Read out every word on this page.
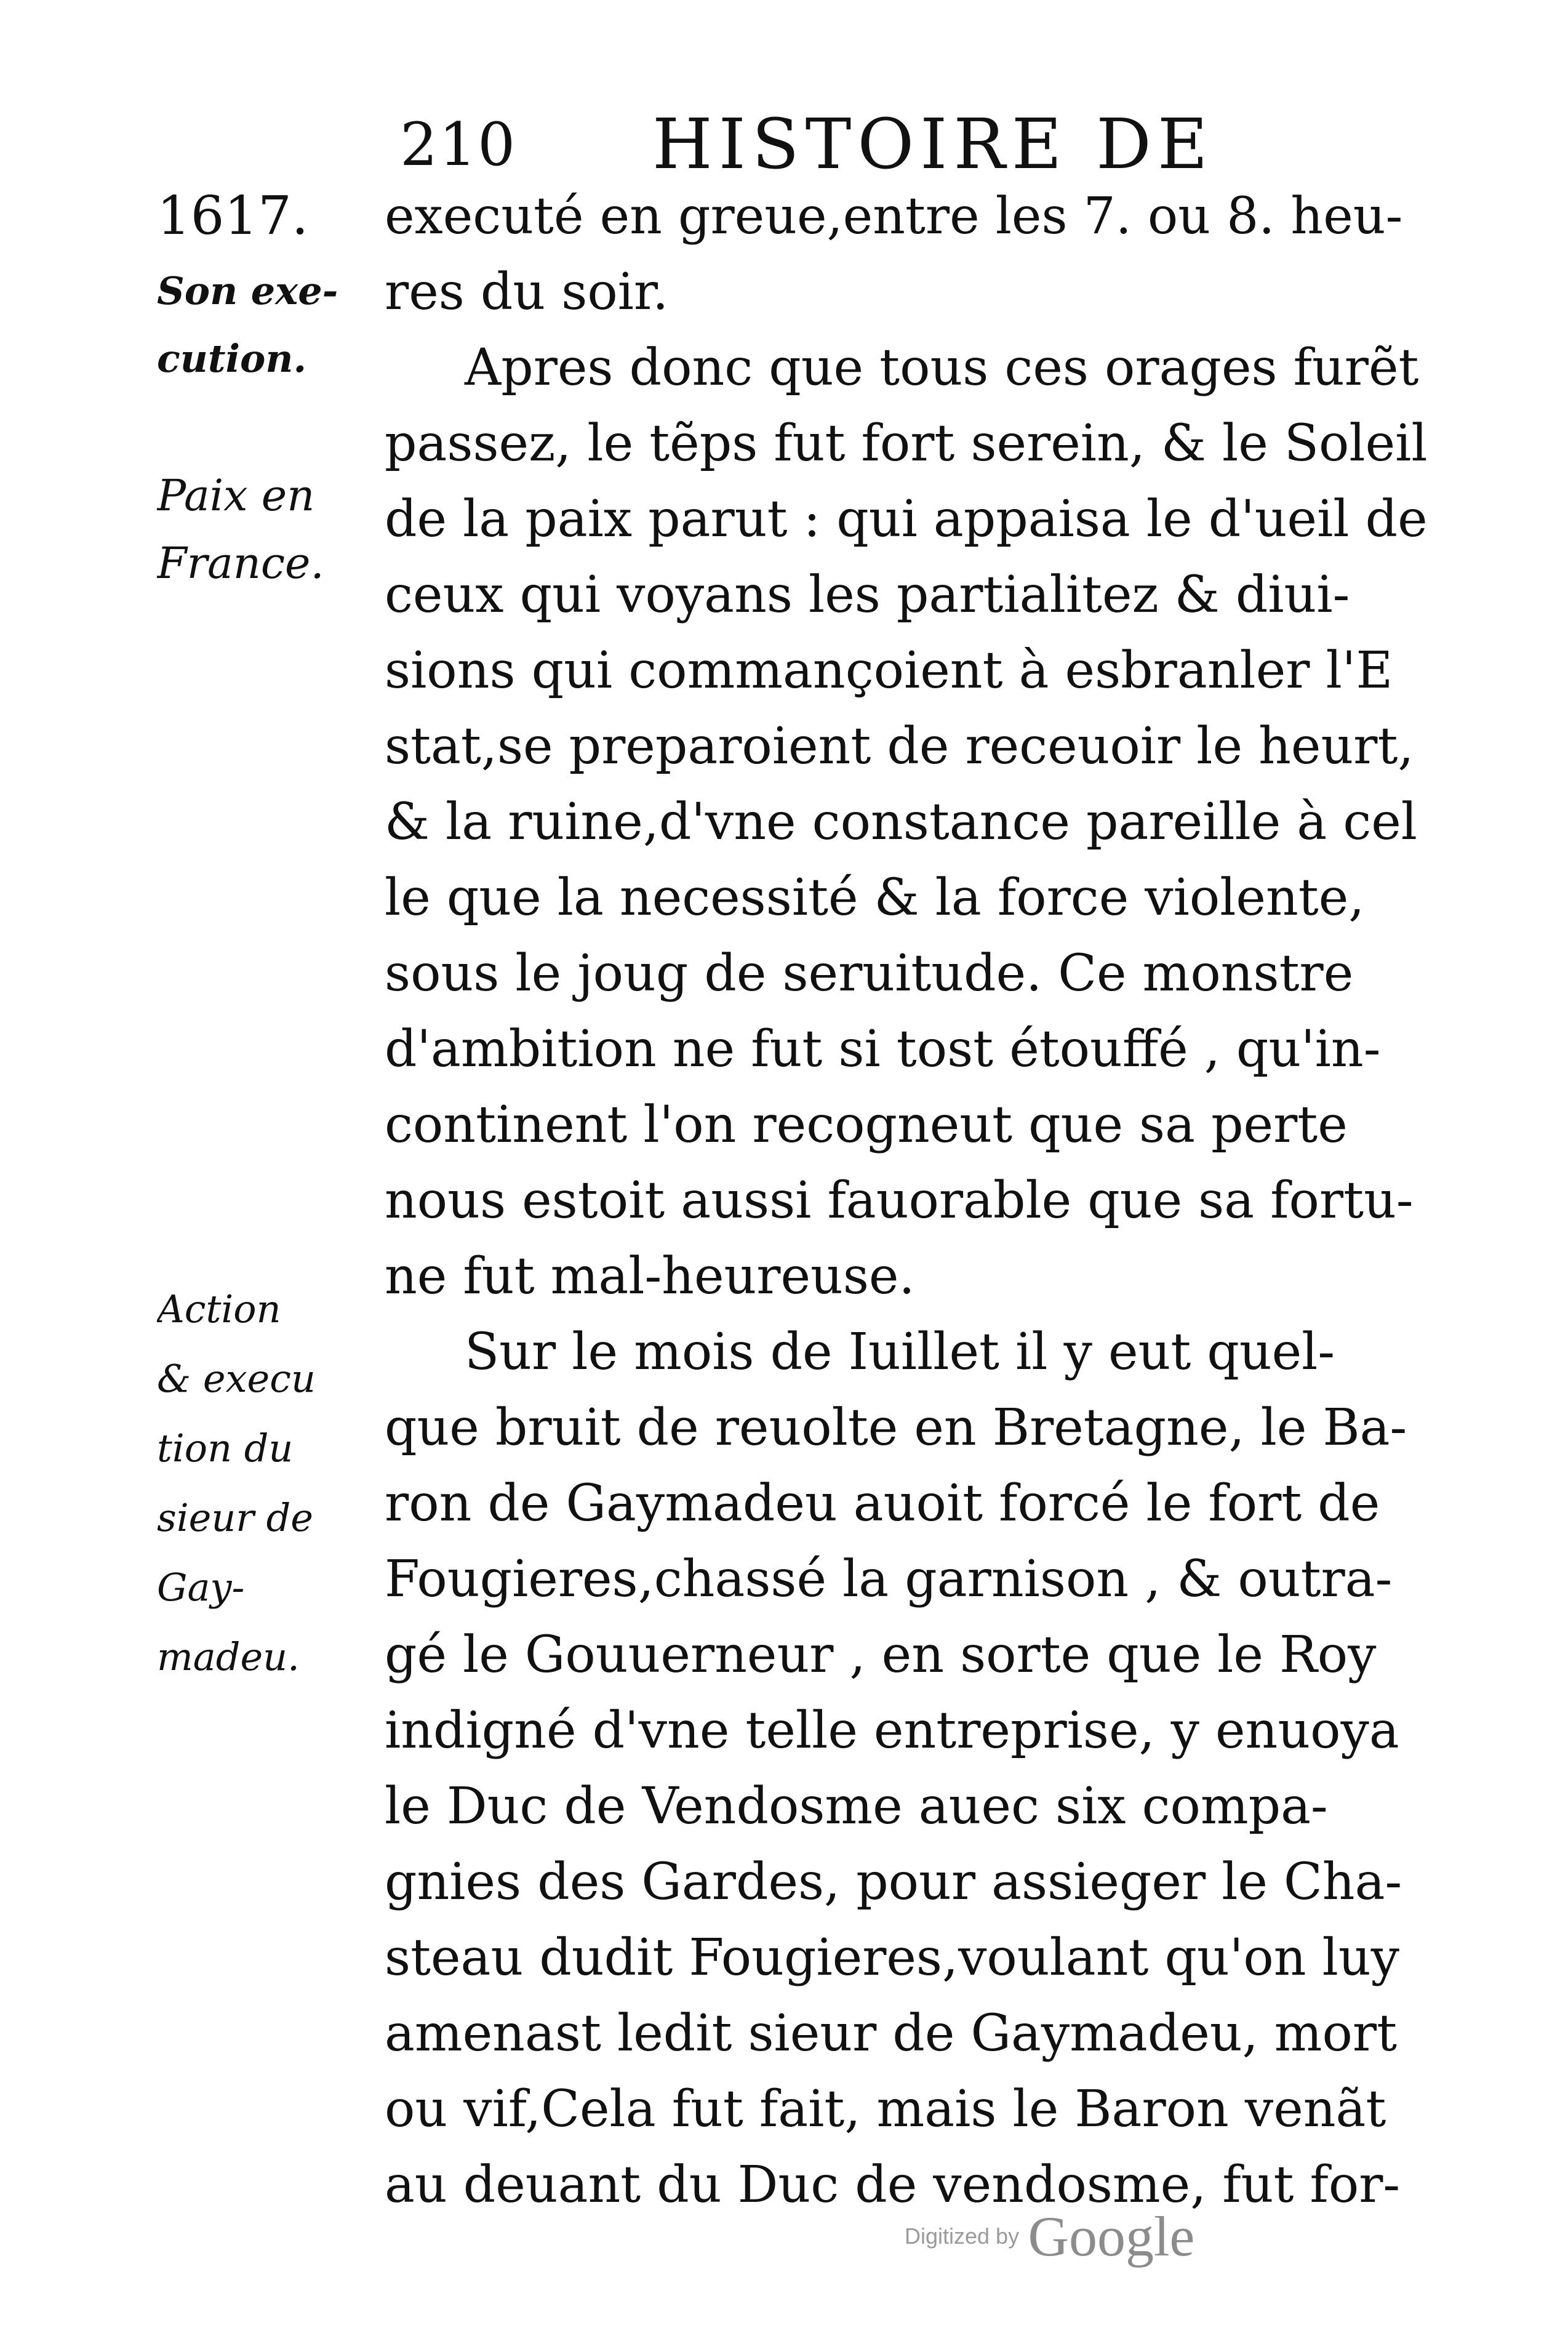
210 HISTOIRE DE
1617.
Son exe-
cution.
Paix en
France.
Action
& execu
tion du
sieur de
Gay-
madeu.
executé en greue,entre les 7. ou 8. heu-
res du soir.
Apres donc que tous ces orages furẽt
passez, le tẽps fut fort serein, & le Soleil
de la paix parut : qui appaisa le d'ueil de
ceux qui voyans les partialitez & diui-
sions qui commançoient à esbranler l'E
stat,se preparoient de receuoir le heurt,
& la ruine,d'vne constance pareille à cel
le que la necessité & la force violente,
sous le joug de seruitude. Ce monstre
d'ambition ne fut si tost étouffé , qu'in-
continent l'on recogneut que sa perte
nous estoit aussi fauorable que sa fortu-
ne fut mal-heureuse.
Sur le mois de Iuillet il y eut quel-
que bruit de reuolte en Bretagne, le Ba-
ron de Gaymadeu auoit forcé le fort de
Fougieres,chassé la garnison , & outra-
gé le Gouuerneur , en sorte que le Roy
indigné d'vne telle entreprise, y enuoya
le Duc de Vendosme auec six compa-
gnies des Gardes, pour assieger le Cha-
steau dudit Fougieres,voulant qu'on luy
amenast ledit sieur de Gaymadeu, mort
ou vif,Cela fut fait, mais le Baron venãt
au deuant du Duc de vendosme, fut for-
Digitized by Google
